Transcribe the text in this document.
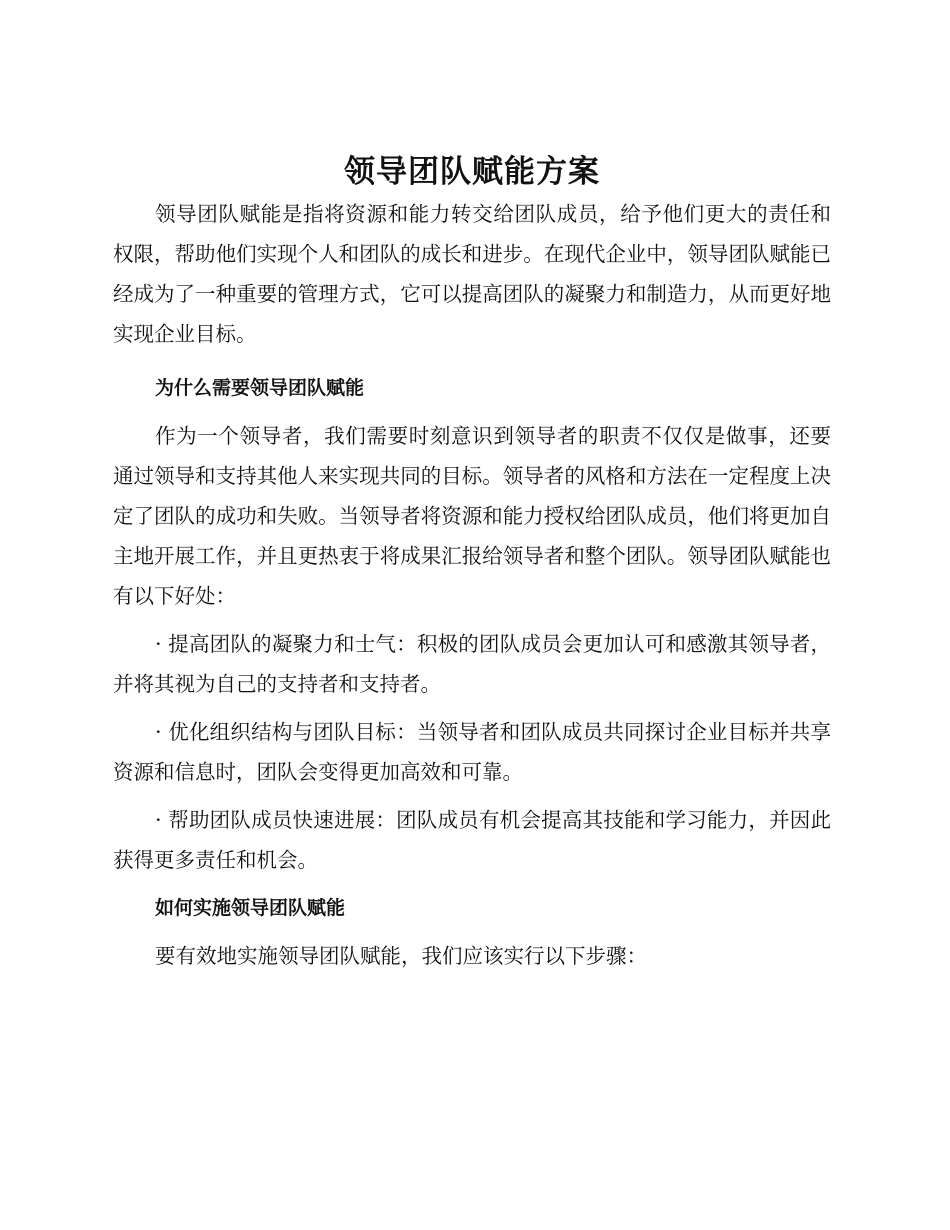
领导团队赋能方案

领导团队赋能是指将资源和能力转交给团队成员，给予他们更大的责任和权限，帮助他们实现个人和团队的成长和进步。在现代企业中，领导团队赋能已经成为了一种重要的管理方式，它可以提高团队的凝聚力和制造力，从而更好地实现企业目标。

为什么需要领导团队赋能

作为一个领导者，我们需要时刻意识到领导者的职责不仅仅是做事，还要通过领导和支持其他人来实现共同的目标。领导者的风格和方法在一定程度上决定了团队的成功和失败。当领导者将资源和能力授权给团队成员，他们将更加自主地开展工作，并且更热衷于将成果汇报给领导者和整个团队。领导团队赋能也有以下好处：

· 提高团队的凝聚力和士气：积极的团队成员会更加认可和感激其领导者，并将其视为自己的支持者和支持者。

· 优化组织结构与团队目标：当领导者和团队成员共同探讨企业目标并共享资源和信息时，团队会变得更加高效和可靠。

· 帮助团队成员快速进展：团队成员有机会提高其技能和学习能力，并因此获得更多责任和机会。

如何实施领导团队赋能

要有效地实施领导团队赋能，我们应该实行以下步骤：
